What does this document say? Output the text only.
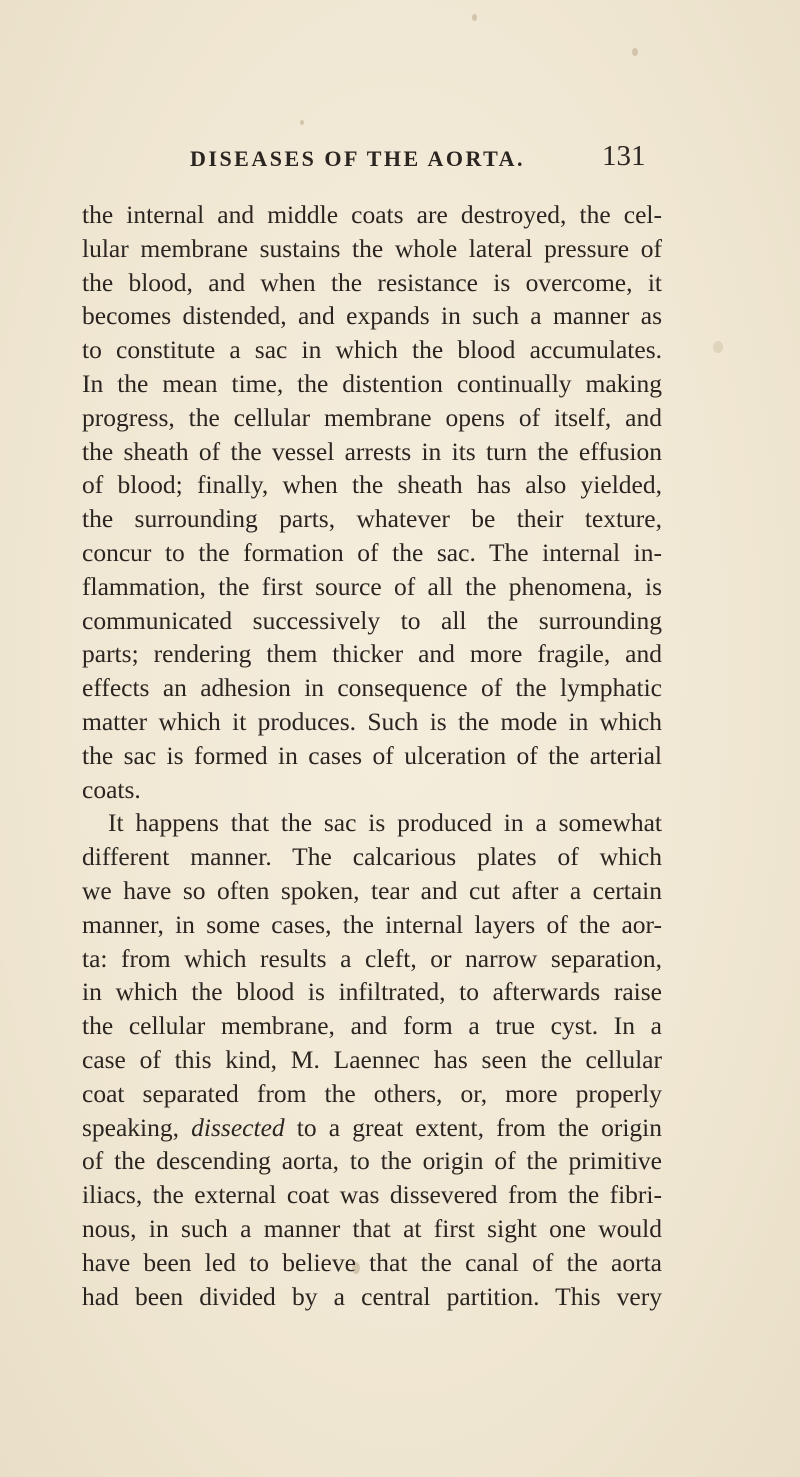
DISEASES OF THE AORTA.	131
the internal and middle coats are destroyed, the cel-
lular membrane sustains the whole lateral pressure of
the blood, and when the resistance is overcome, it
becomes distended, and expands in such a manner as
to constitute a sac in which the blood accumulates.
In the mean time, the distention continually making
progress, the cellular membrane opens of itself, and
the sheath of the vessel arrests in its turn the effusion
of blood; finally, when the sheath has also yielded,
the surrounding parts, whatever be their texture,
concur to the formation of the sac. The internal in-
flammation, the first source of all the phenomena, is
communicated successively to all the surrounding
parts; rendering them thicker and more fragile, and
effects an adhesion in consequence of the lymphatic
matter which it produces. Such is the mode in which
the sac is formed in cases of ulceration of the arterial
coats.
It happens that the sac is produced in a somewhat
different manner. The calcarious plates of which
we have so often spoken, tear and cut after a certain
manner, in some cases, the internal layers of the aor-
ta: from which results a cleft, or narrow separation,
in which the blood is infiltrated, to afterwards raise
the cellular membrane, and form a true cyst. In a
case of this kind, M. Laennec has seen the cellular
coat separated from the others, or, more properly
speaking, dissected to a great extent, from the origin
of the descending aorta, to the origin of the primitive
iliacs, the external coat was dissevered from the fibri-
nous, in such a manner that at first sight one would
have been led to believe that the canal of the aorta
had been divided by a central partition. This very
